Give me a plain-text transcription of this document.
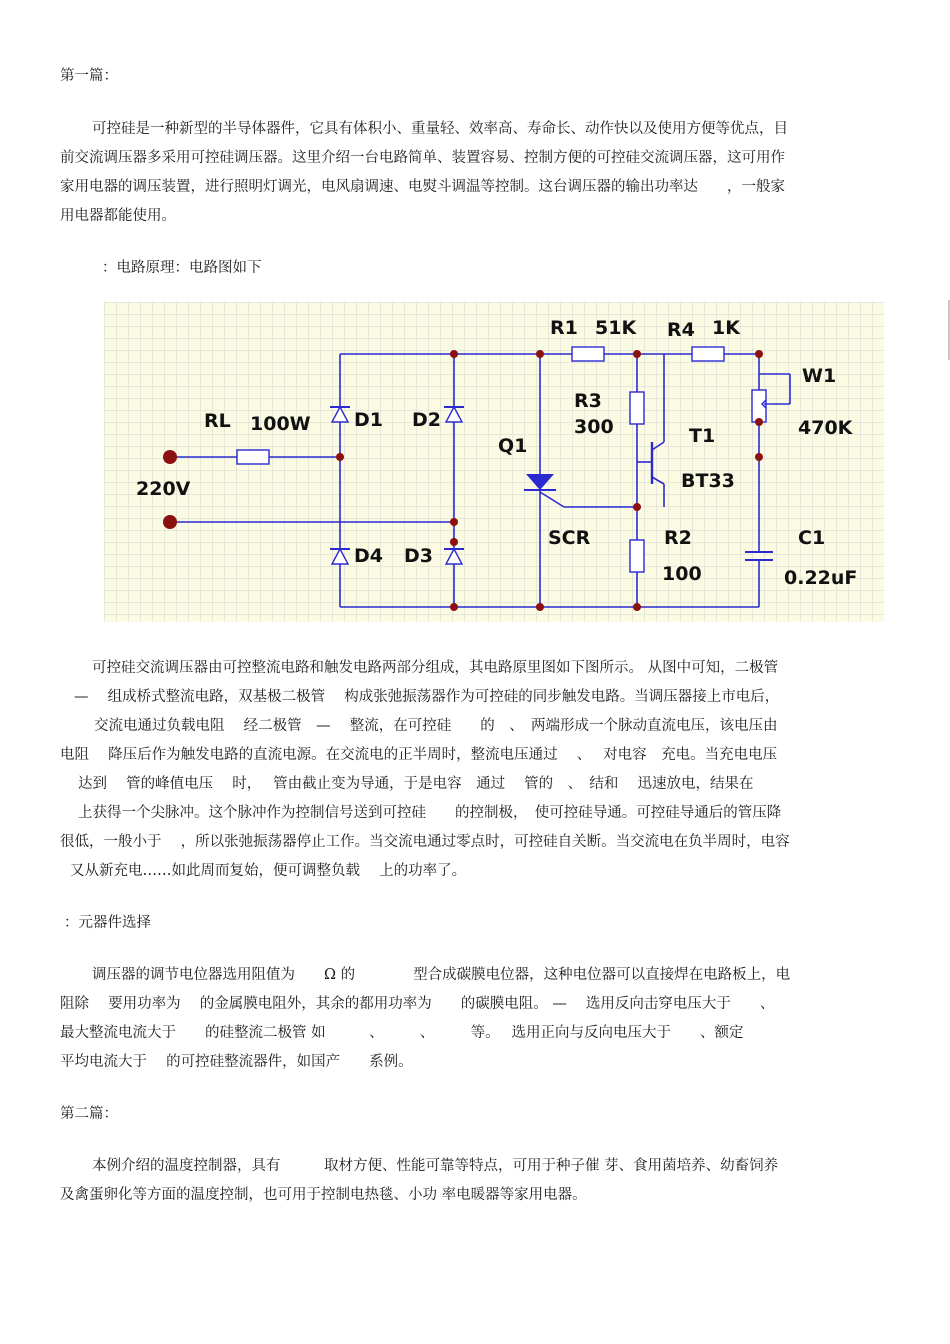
第一篇：
可控硅是一种新型的半导体器件，它具有体积小、重量轻、效率高、寿命长、动作快以及使用方便等优点，目
前交流调压器多采用可控硅调压器。这里介绍一台电路简单、装置容易、控制方便的可控硅交流调压器，这可用作
家用电器的调压装置，进行照明灯调光，电风扇调速、电熨斗调温等控制。这台调压器的输出功率达　　，一般家
用电器都能使用。
：电路原理：电路图如下
R1 51K R4 1K
W1
470K
RL 100W D1 D2
D4 D3
R3
300	T1
BT33
Q1
SCR	R2
100
C1
0.22uF
220V
可控硅交流调压器由可控整流电路和触发电路两部分组成，其电路原里图如下图所示。 从图中可知，二极管
—　 组成桥式整流电路，双基极二极管　 构成张弛振荡器作为可控硅的同步触发电路。当调压器接上市电后，
交流电通过负载电阻　 经二极管　—　 整流，在可控硅　　的　、　两端形成一个脉动直流电压，该电压由
电阻　 降压后作为触发电路的直流电源。在交流电的正半周时，整流电压通过　 、　 对电容　充电。当充电电压
达到　 管的峰值电压　 时，　 管由截止变为导通，于是电容　通过　 管的　、　结和　 迅速放电，结果在
上获得一个尖脉冲。这个脉冲作为控制信号送到可控硅　　的控制极，　使可控硅导通。可控硅导通后的管压降
很低，一般小于　 ，所以张弛振荡器停止工作。当交流电通过零点时，可控硅自关断。当交流电在负半周时，电容
又从新充电……如此周而复始，便可调整负载　 上的功率了。
：元器件选择
调压器的调节电位器选用阻值为　　Ω 的　　　　型合成碳膜电位器，这种电位器可以直接焊在电路板上，电
阻除　 要用功率为　 的金属膜电阻外，其余的都用功率为　　的碳膜电阻。 —　 选用反向击穿电压大于　　、
最大整流电流大于　　的硅整流二极管 如　　　、　　　、　　　等。　 选用正向与反向电压大于　　、额定
平均电流大于　 的可控硅整流器件，如国产　　系例。
第二篇：
本例介绍的温度控制器，具有　　　取材方便、性能可靠等特点，可用于种子催 芽、食用菌培养、幼畜饲养
及禽蛋卵化等方面的温度控制，也可用于控制电热毯、小功 率电暖器等家用电器。
